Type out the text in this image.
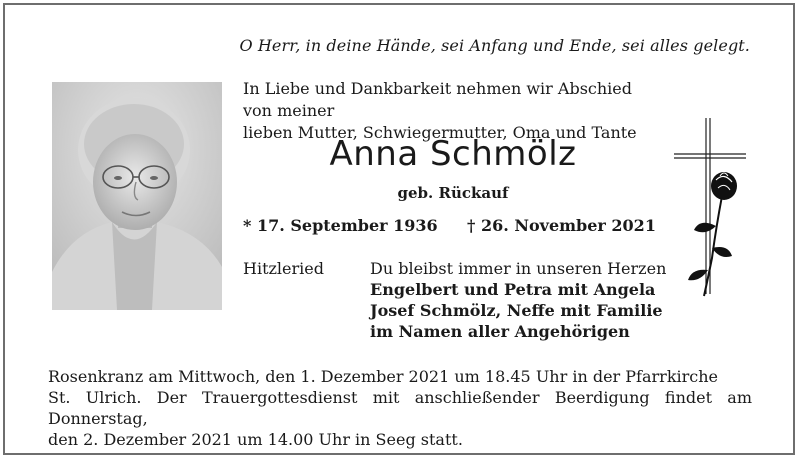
O Herr, in deine Hände, sei Anfang und Ende, sei alles gelegt.
In Liebe und Dankbarkeit nehmen wir Abschied von meiner
lieben Mutter, Schwiegermutter, Oma und Tante
Anna Schmölz
geb. Rückauf
* 17. September 1936 † 26. November 2021
Hitzleried	Du bleibst immer in unseren Herzen
Engelbert und Petra mit Angela
Josef Schmölz, Neffe mit Familie
im Namen aller Angehörigen
Rosenkranz am Mittwoch, den 1. Dezember 2021 um 18.45 Uhr in der Pfarrkirche
St. Ulrich. Der Trauergottesdienst mit anschließender Beerdigung findet am Donnerstag,
den 2. Dezember 2021 um 14.00 Uhr in Seeg statt.
